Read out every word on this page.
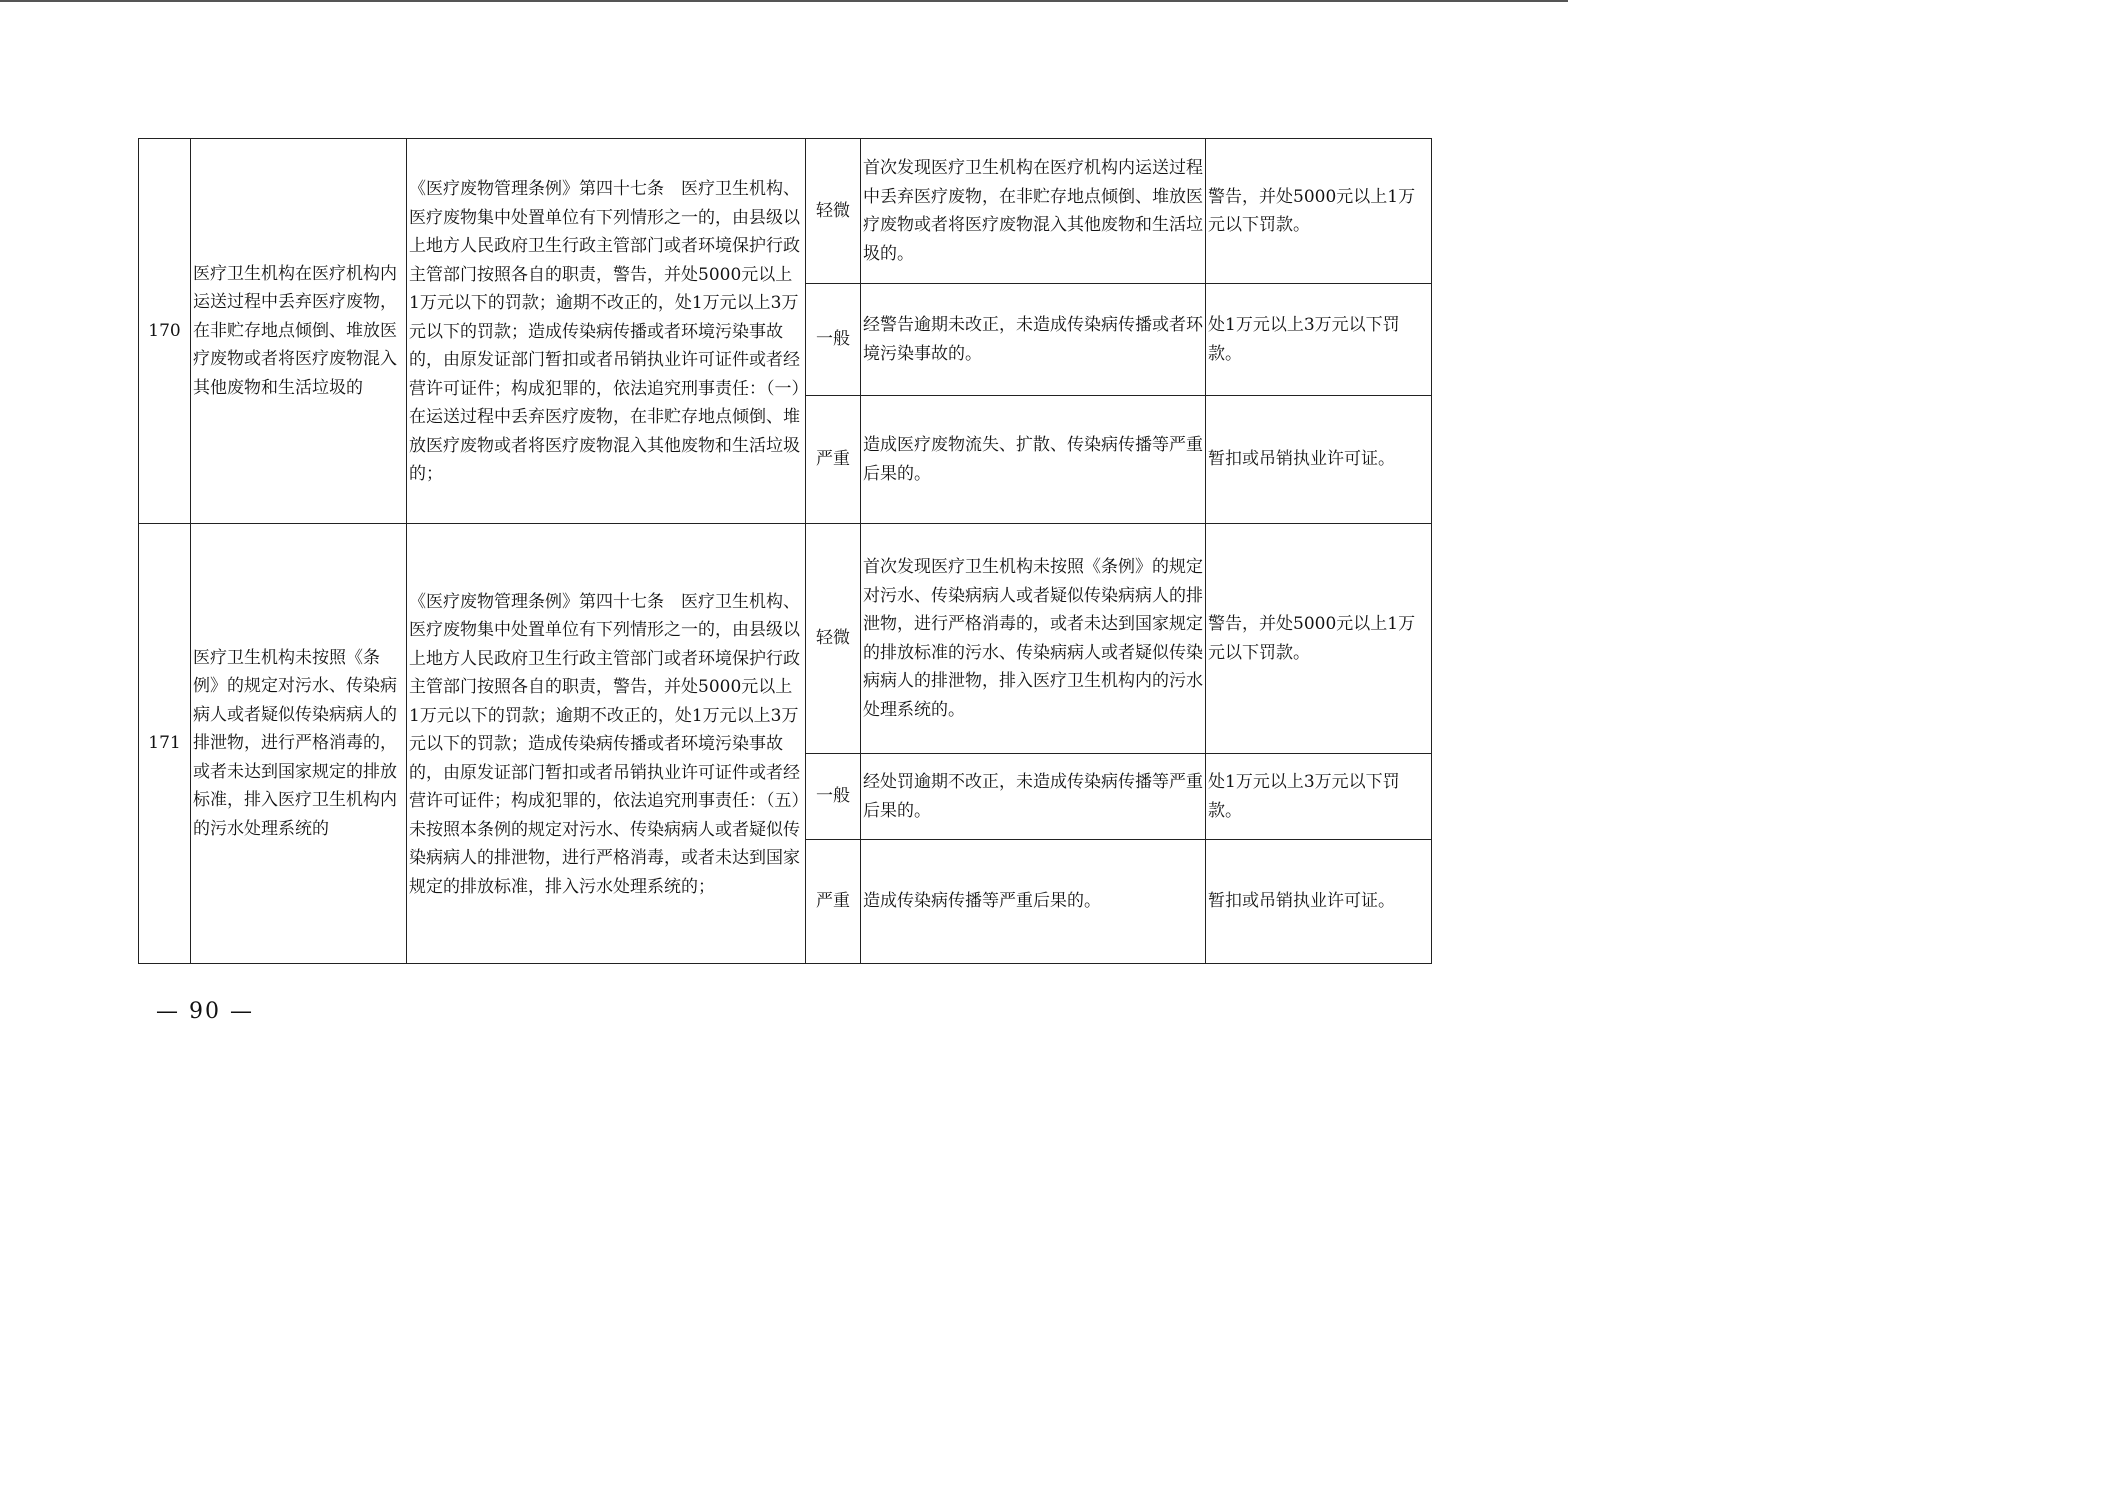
170	医疗卫生机构在医疗机构内运送过程中丢弃医疗废物，在非贮存地点倾倒、堆放医疗废物或者将医疗废物混入其他废物和生活垃圾的	《医疗废物管理条例》第四十七条　医疗卫生机构、医疗废物集中处置单位有下列情形之一的，由县级以上地方人民政府卫生行政主管部门或者环境保护行政主管部门按照各自的职责，警告，并处5000元以上1万元以下的罚款；逾期不改正的，处1万元以上3万元以下的罚款；造成传染病传播或者环境污染事故的，由原发证部门暂扣或者吊销执业许可证件或者经营许可证件；构成犯罪的，依法追究刑事责任：（一）在运送过程中丢弃医疗废物，在非贮存地点倾倒、堆放医疗废物或者将医疗废物混入其他废物和生活垃圾的；	轻微	首次发现医疗卫生机构在医疗机构内运送过程中丢弃医疗废物，在非贮存地点倾倒、堆放医疗废物或者将医疗废物混入其他废物和生活垃圾的。	警告，并处5000元以上1万元以下罚款。
			一般	经警告逾期未改正，未造成传染病传播或者环境污染事故的。	处1万元以上3万元以下罚款。
			严重	造成医疗废物流失、扩散、传染病传播等严重后果的。	暂扣或吊销执业许可证。
171	医疗卫生机构未按照《条例》的规定对污水、传染病病人或者疑似传染病病人的排泄物，进行严格消毒的，或者未达到国家规定的排放标准，排入医疗卫生机构内的污水处理系统的	《医疗废物管理条例》第四十七条　医疗卫生机构、医疗废物集中处置单位有下列情形之一的，由县级以上地方人民政府卫生行政主管部门或者环境保护行政主管部门按照各自的职责，警告，并处5000元以上1万元以下的罚款；逾期不改正的，处1万元以上3万元以下的罚款；造成传染病传播或者环境污染事故的，由原发证部门暂扣或者吊销执业许可证件或者经营许可证件；构成犯罪的，依法追究刑事责任：（五）未按照本条例的规定对污水、传染病病人或者疑似传染病病人的排泄物，进行严格消毒，或者未达到国家规定的排放标准，排入污水处理系统的；	轻微	首次发现医疗卫生机构未按照《条例》的规定对污水、传染病病人或者疑似传染病病人的排泄物，进行严格消毒的，或者未达到国家规定的排放标准的污水、传染病病人或者疑似传染病病人的排泄物，排入医疗卫生机构内的污水处理系统的。	警告，并处5000元以上1万元以下罚款。
			一般	经处罚逾期不改正，未造成传染病传播等严重后果的。	处1万元以上3万元以下罚款。
			严重	造成传染病传播等严重后果的。	暂扣或吊销执业许可证。
— 90 —
